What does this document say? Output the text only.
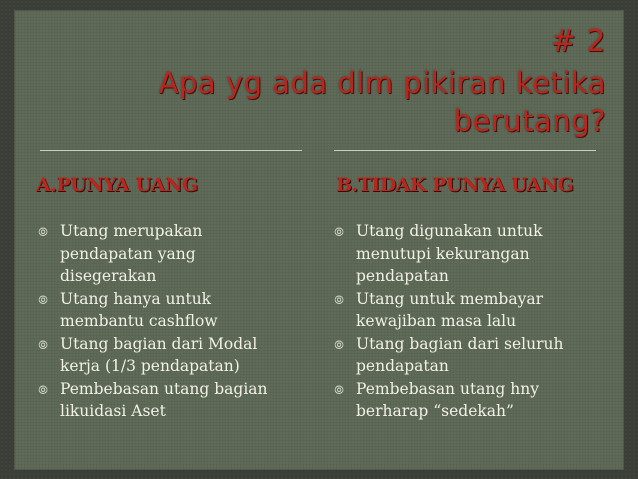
# 2
Apa yg ada dlm pikiran ketika
berutang?
A.PUNYA UANG	B.TIDAK PUNYA UANG
⦾ Utang merupakan pendapatan yang disegerakan
⦾ Utang hanya untuk membantu cashflow
⦾ Utang bagian dari Modal kerja (1/3 pendapatan)
⦾ Pembebasan utang bagian likuidasi Aset
⦾ Utang digunakan untuk menutupi kekurangan pendapatan
⦾ Utang untuk membayar kewajiban masa lalu
⦾ Utang bagian dari seluruh pendapatan
⦾ Pembebasan utang hny berharap “sedekah”
